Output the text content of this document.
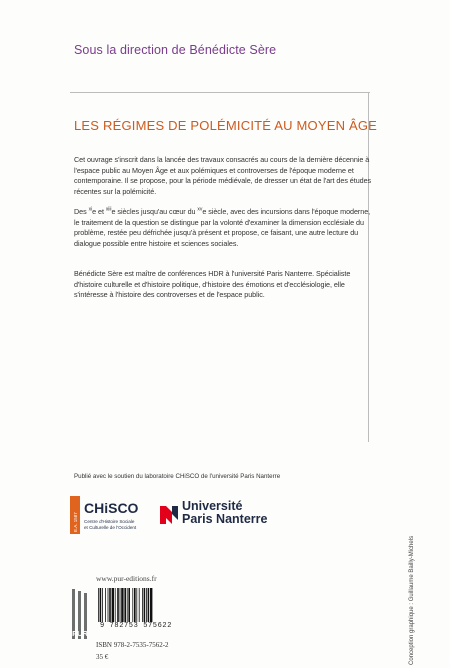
Sous la direction de Bénédicte Sère
LES RÉGIMES DE POLÉMICITÉ AU MOYEN ÂGE
Cet ouvrage s'inscrit dans la lancée des travaux consacrés au cours de la dernière décennie à l'espace public au Moyen Âge et aux polémiques et controverses de l'époque moderne et contemporaine. Il se propose, pour la période médiévale, de dresser un état de l'art des études récentes sur la polémicité.
Des $^{xi}$e et $^{xiii}$e siècles jusqu'au cœur du $^{xv}$e siècle, avec des incursions dans l'époque moderne, le traitement de la question se distingue par la volonté d'examiner la dimension ecclésiale du problème, restée peu défrichée jusqu'à présent et propose, ce faisant, une autre lecture du dialogue possible entre histoire et sciences sociales.
Bénédicte Sère est maître de conférences HDR à l'université Paris Nanterre. Spécialiste d'histoire culturelle et d'histoire politique, d'histoire des émotions et d'ecclésiologie, elle s'intéresse à l'histoire des controverses et de l'espace public.
Publié avec le soutien du laboratoire CHiSCO de l'université Paris Nanterre
E.A. 1587
CHiSCO
Centre d'Histoire Sociale
et Culturelle de l'Occident
Université
Paris Nanterre
PUR
www.pur-editions.fr
9 782753 575622
ISBN 978-2-7535-7562-2
35 €	Conception graphique : Guillaume Bailly-Michels
